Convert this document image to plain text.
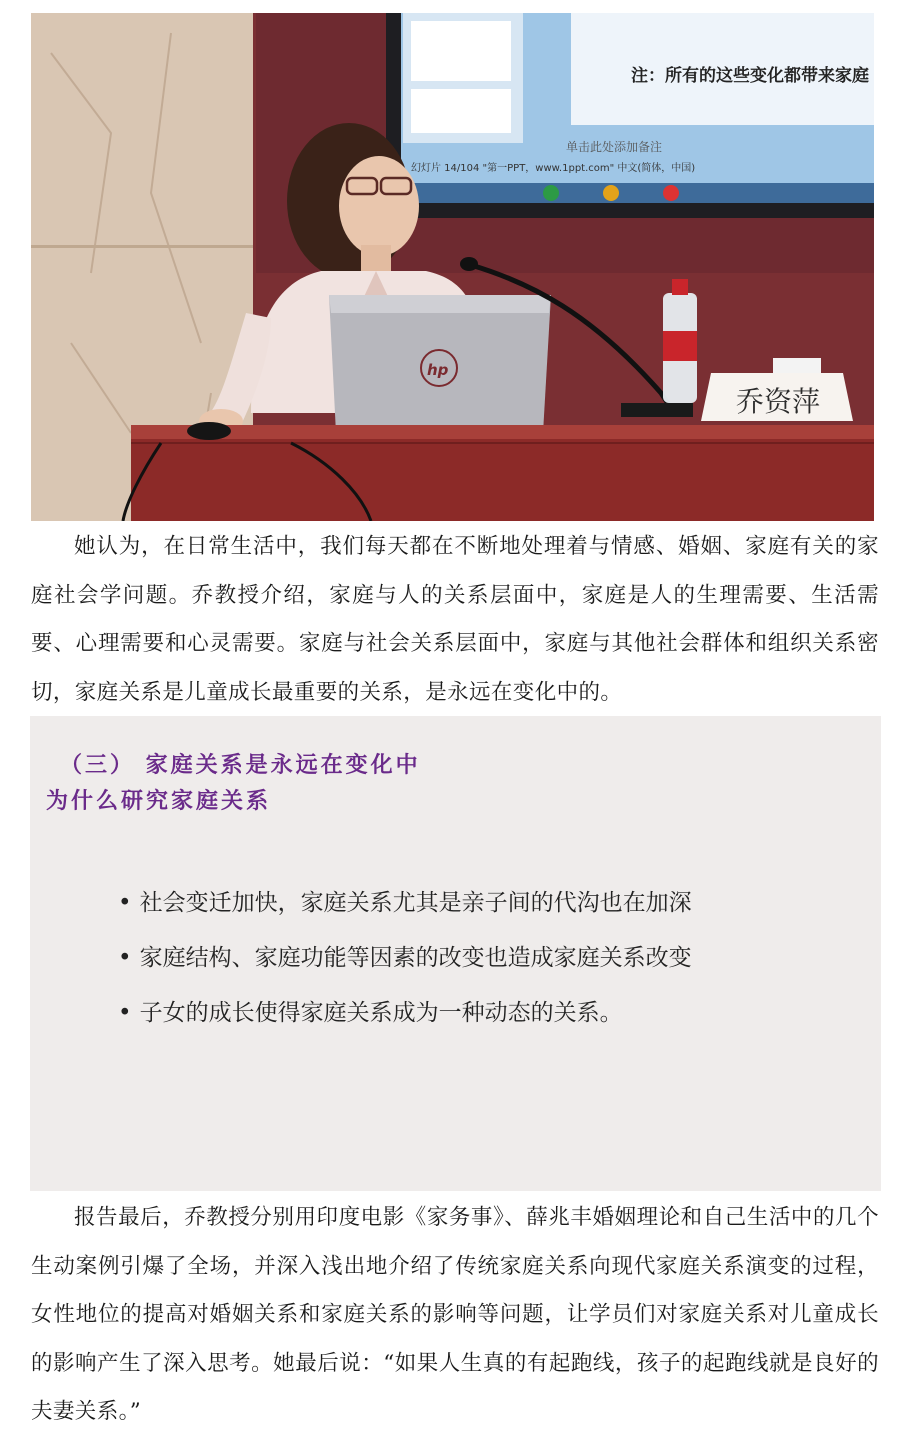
注：所有的这些变化都带来家庭
单击此处添加备注
幻灯片 14/104 "第一PPT，www.1ppt.com" 中文(简体，中国)
hp
乔资萍

她认为，在日常生活中，我们每天都在不断地处理着与情感、婚姻、家庭有关的家庭社会学问题。乔教授介绍，家庭与人的关系层面中，家庭是人的生理需要、生活需要、心理需要和心灵需要。家庭与社会关系层面中，家庭与其他社会群体和组织关系密切，家庭关系是儿童成长最重要的关系，是永远在变化中的。

（三） 家庭关系是永远在变化中
为什么研究家庭关系
• 社会变迁加快，家庭关系尤其是亲子间的代沟也在加深
• 家庭结构、家庭功能等因素的改变也造成家庭关系改变
• 子女的成长使得家庭关系成为一种动态的关系。

报告最后，乔教授分别用印度电影《家务事》、薛兆丰婚姻理论和自己生活中的几个生动案例引爆了全场，并深入浅出地介绍了传统家庭关系向现代家庭关系演变的过程，女性地位的提高对婚姻关系和家庭关系的影响等问题，让学员们对家庭关系对儿童成长的影响产生了深入思考。她最后说：“如果人生真的有起跑线，孩子的起跑线就是良好的夫妻关系。”
